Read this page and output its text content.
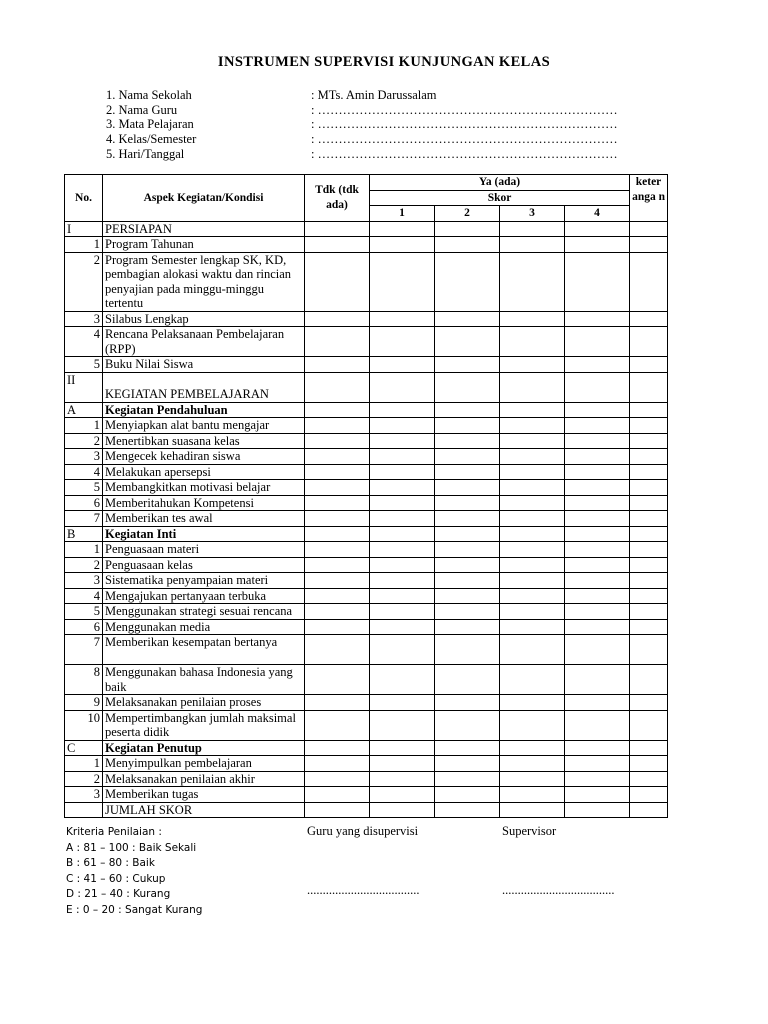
INSTRUMEN SUPERVISI KUNJUNGAN KELAS
1. Nama Sekolah	: MTs. Amin Darussalam
2. Nama Guru	: ………………………………………………………………
3. Mata Pelajaran	: ………………………………………………………………
4. Kelas/Semester	: ………………………………………………………………
5. Hari/Tanggal	: ………………………………………………………………
No.	Aspek Kegiatan/Kondisi	Tdk (tdk ada)	Ya (ada)				keter anga n
			Skor				
			1	2	3	4	
I	PERSIAPAN						
1	Program Tahunan						
2	Program Semester lengkap SK, KD, pembagian alokasi waktu dan rincian penyajian pada minggu-minggu tertentu						
3	Silabus Lengkap						
4	Rencana Pelaksanaan Pembelajaran (RPP)						
5	Buku Nilai Siswa						
II	KEGIATAN PEMBELAJARAN						
A	Kegiatan Pendahuluan						
1	Menyiapkan alat bantu mengajar						
2	Menertibkan suasana kelas						
3	Mengecek kehadiran siswa						
4	Melakukan apersepsi						
5	Membangkitkan motivasi belajar						
6	Memberitahukan Kompetensi						
7	Memberikan tes awal						
B	Kegiatan Inti						
1	Penguasaan materi						
2	Penguasaan kelas						
3	Sistematika penyampaian materi						
4	Mengajukan pertanyaan terbuka						
5	Menggunakan strategi sesuai rencana						
6	Menggunakan media						
7	Memberikan kesempatan bertanya						
8	Menggunakan bahasa Indonesia yang baik						
9	Melaksanakan penilaian proses						
10	Mempertimbangkan jumlah maksimal peserta didik						
C	Kegiatan Penutup						
1	Menyimpulkan pembelajaran						
2	Melaksanakan penilaian akhir						
3	Memberikan tugas						
	JUMLAH SKOR						
Kriteria Penilaian :
A : 81 – 100 : Baik Sekali
B : 61 – 80 : Baik
C : 41 – 60 : Cukup
D : 21 – 40 : Kurang
E : 0 – 20 : Sangat Kurang
Guru yang disupervisi	Supervisor
....................................	....................................
